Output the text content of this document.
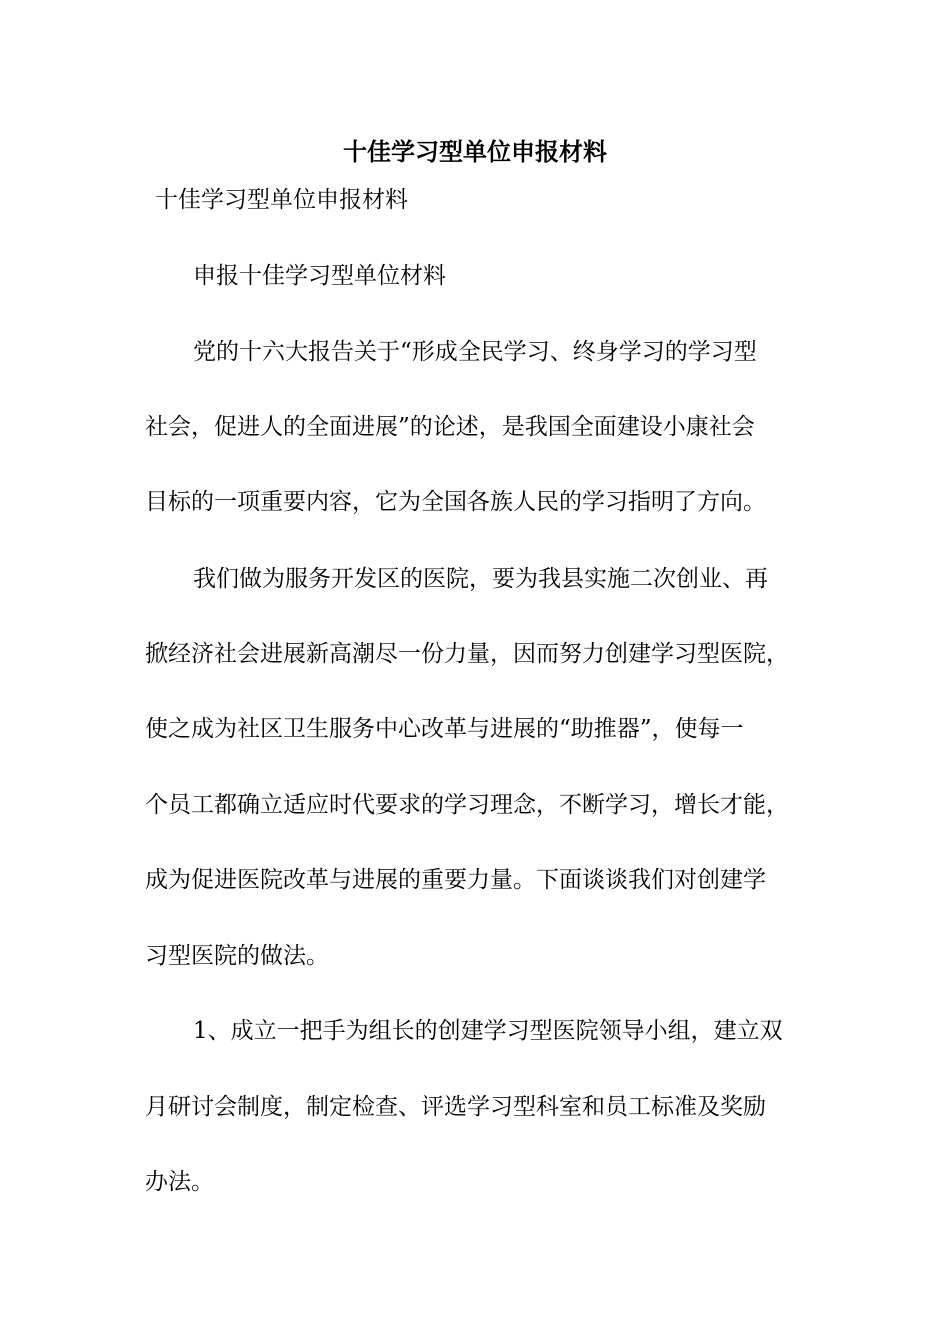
十佳学习型单位申报材料

十佳学习型单位申报材料

申报十佳学习型单位材料

党的十六大报告关于“形成全民学习、终身学习的学习型

社会，促进人的全面进展”的论述，是我国全面建设小康社会

目标的一项重要内容，它为全国各族人民的学习指明了方向。

我们做为服务开发区的医院，要为我县实施二次创业、再

掀经济社会进展新高潮尽一份力量，因而努力创建学习型医院，

使之成为社区卫生服务中心改革与进展的“助推器”，使每一

个员工都确立适应时代要求的学习理念，不断学习，增长才能，

成为促进医院改革与进展的重要力量。下面谈谈我们对创建学

习型医院的做法。

1、成立一把手为组长的创建学习型医院领导小组，建立双

月研讨会制度，制定检查、评选学习型科室和员工标准及奖励

办法。
